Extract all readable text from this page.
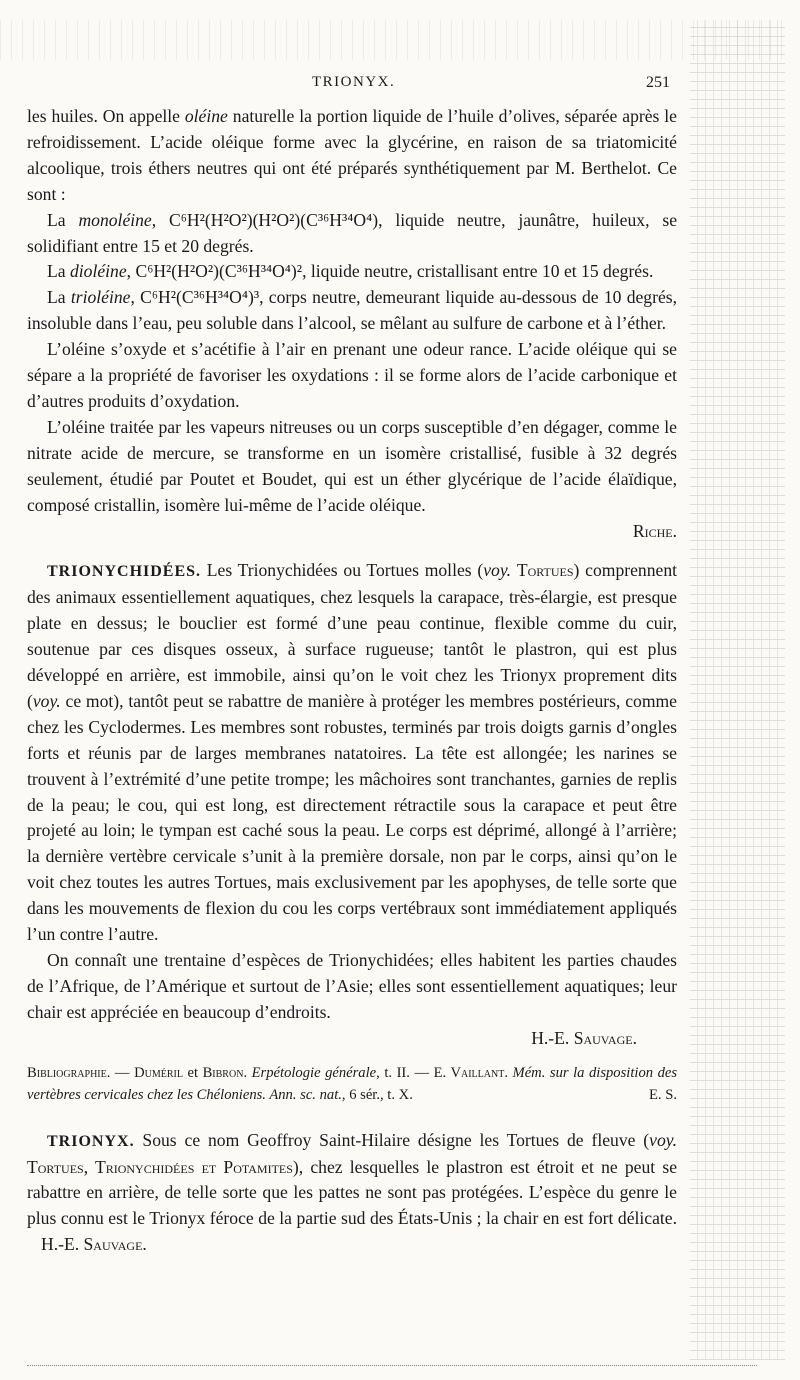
TRIONYX.	251

les huiles. On appelle oléine naturelle la portion liquide de l’huile d’olives, séparée après le refroidissement. L’acide oléique forme avec la glycérine, en raison de sa triatomicité alcoolique, trois éthers neutres qui ont été préparés synthétiquement par M. Berthelot. Ce sont :

La monoléine, C⁶H²(H²O²)(H²O²)(C³⁶H³⁴O⁴), liquide neutre, jaunâtre, huileux, se solidifiant entre 15 et 20 degrés.

La dioléine, C⁶H²(H²O²)(C³⁶H³⁴O⁴)², liquide neutre, cristallisant entre 10 et 15 degrés.

La trioléine, C⁶H²(C³⁶H³⁴O⁴)³, corps neutre, demeurant liquide au-dessous de 10 degrés, insoluble dans l’eau, peu soluble dans l’alcool, se mêlant au sulfure de carbone et à l’éther.

L’oléine s’oxyde et s’acétifie à l’air en prenant une odeur rance. L’acide oléique qui se sépare a la propriété de favoriser les oxydations : il se forme alors de l’acide carbonique et d’autres produits d’oxydation.

L’oléine traitée par les vapeurs nitreuses ou un corps susceptible d’en dégager, comme le nitrate acide de mercure, se transforme en un isomère cristallisé, fusible à 32 degrés seulement, étudié par Poutet et Boudet, qui est un éther glycérique de l’acide élaïdique, composé cristallin, isomère lui-même de l’acide oléique.
Riche.

TRIONYCHIDÉES. Les Trionychidées ou Tortues molles (voy. Tortues) comprennent des animaux essentiellement aquatiques, chez lesquels la carapace, très-élargie, est presque plate en dessus; le bouclier est formé d’une peau continue, flexible comme du cuir, soutenue par ces disques osseux, à surface rugueuse; tantôt le plastron, qui est plus développé en arrière, est immobile, ainsi qu’on le voit chez les Trionyx proprement dits (voy. ce mot), tantôt peut se rabattre de manière à protéger les membres postérieurs, comme chez les Cyclodermes. Les membres sont robustes, terminés par trois doigts garnis d’ongles forts et réunis par de larges membranes natatoires. La tête est allongée; les narines se trouvent à l’extrémité d’une petite trompe; les mâchoires sont tranchantes, garnies de replis de la peau; le cou, qui est long, est directement rétractile sous la carapace et peut être projeté au loin; le tympan est caché sous la peau. Le corps est déprimé, allongé à l’arrière; la dernière vertèbre cervicale s’unit à la première dorsale, non par le corps, ainsi qu’on le voit chez toutes les autres Tortues, mais exclusivement par les apophyses, de telle sorte que dans les mouvements de flexion du cou les corps vertébraux sont immédiatement appliqués l’un contre l’autre.

On connaît une trentaine d’espèces de Trionychidées; elles habitent les parties chaudes de l’Afrique, de l’Amérique et surtout de l’Asie; elles sont essentiellement aquatiques; leur chair est appréciée en beaucoup d’endroits.
H.-E. Sauvage.

Bibliographie. — Duméril et Bibron. Erpétologie générale, t. II. — E. Vaillant. Mém. sur la disposition des vertèbres cervicales chez les Chéloniens. Ann. sc. nat., 6 sér., t. X.	E. S.

TRIONYX. Sous ce nom Geoffroy Saint-Hilaire désigne les Tortues de fleuve (voy. Tortues, Trionychidées et Potamites), chez lesquelles le plastron est étroit et ne peut se rabattre en arrière, de telle sorte que les pattes ne sont pas protégées. L’espèce du genre le plus connu est le Trionyx féroce de la partie sud des États-Unis ; la chair en est fort délicate. H.-E. Sauvage.
